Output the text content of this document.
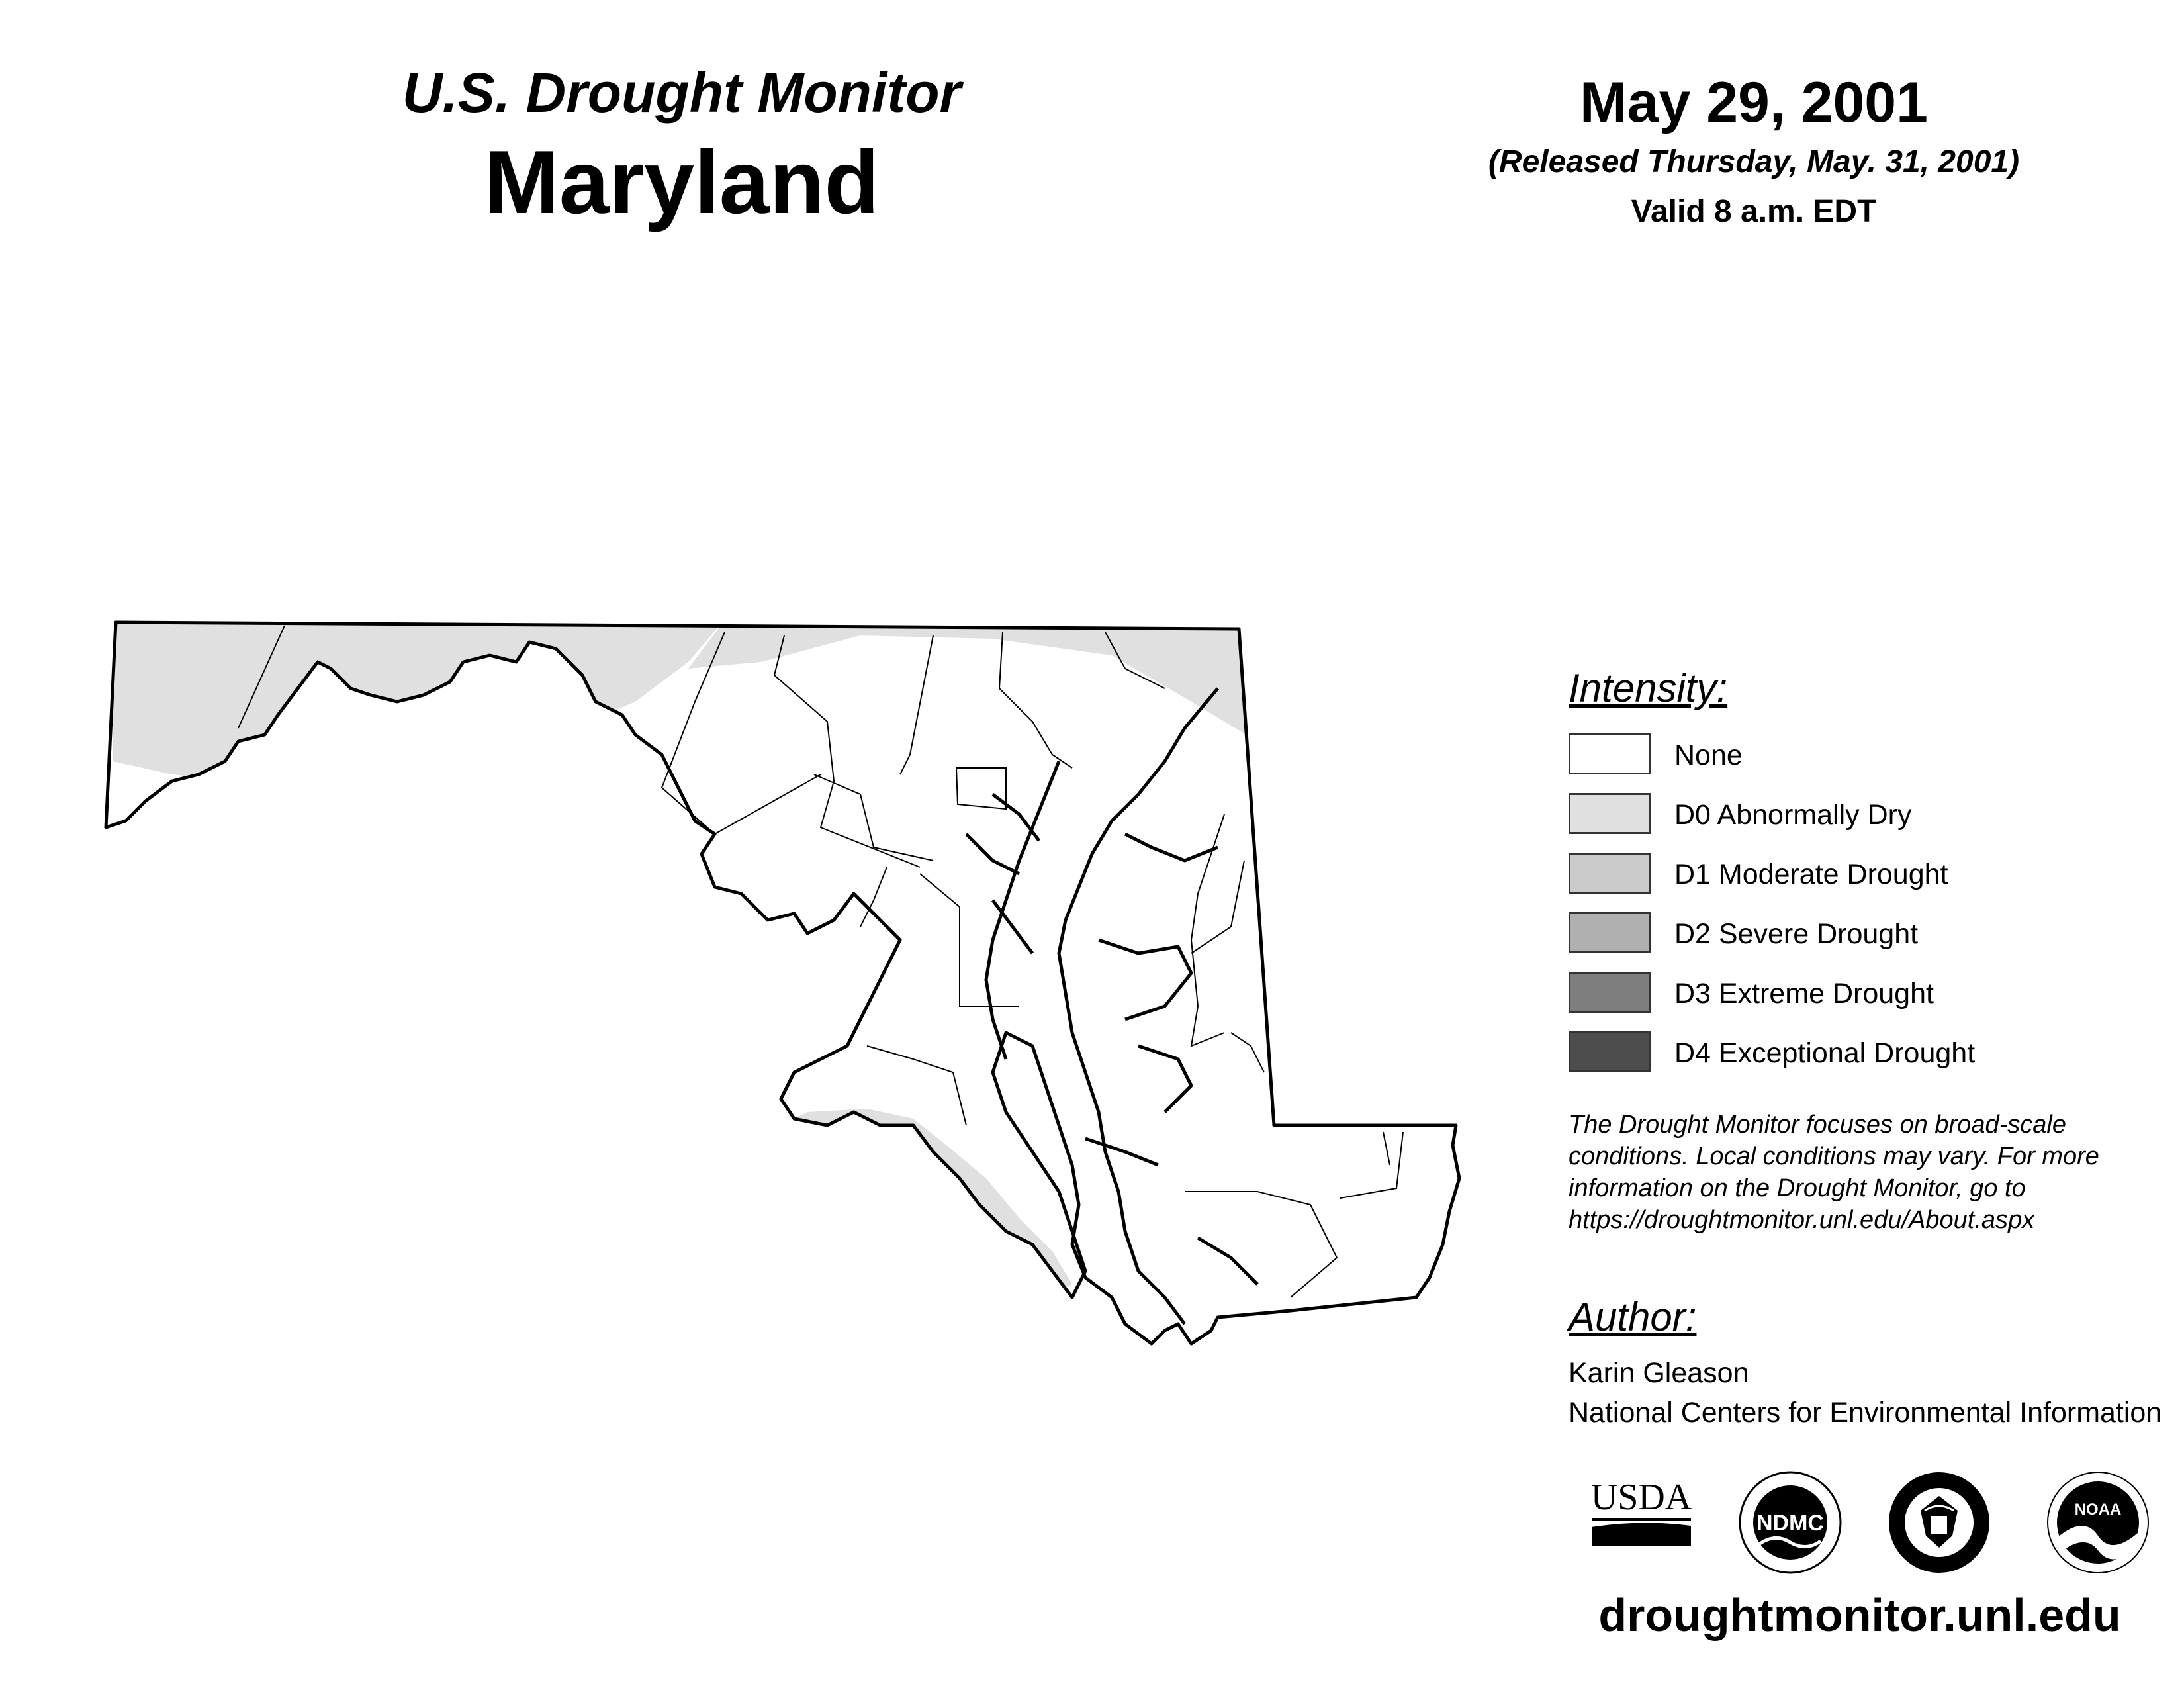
U.S. Drought Monitor
Maryland
May 29, 2001
(Released Thursday, May. 31, 2001)
Valid 8 a.m. EDT
Intensity:
None
D0 Abnormally Dry
D1 Moderate Drought
D2 Severe Drought
D3 Extreme Drought
D4 Exceptional Drought
The Drought Monitor focuses on broad-scale conditions. Local conditions may vary. For more information on the Drought Monitor, go to https://droughtmonitor.unl.edu/About.aspx
Author:
Karin Gleason
National Centers for Environmental Information
USDA
NDMC
NOAA
droughtmonitor.unl.edu
